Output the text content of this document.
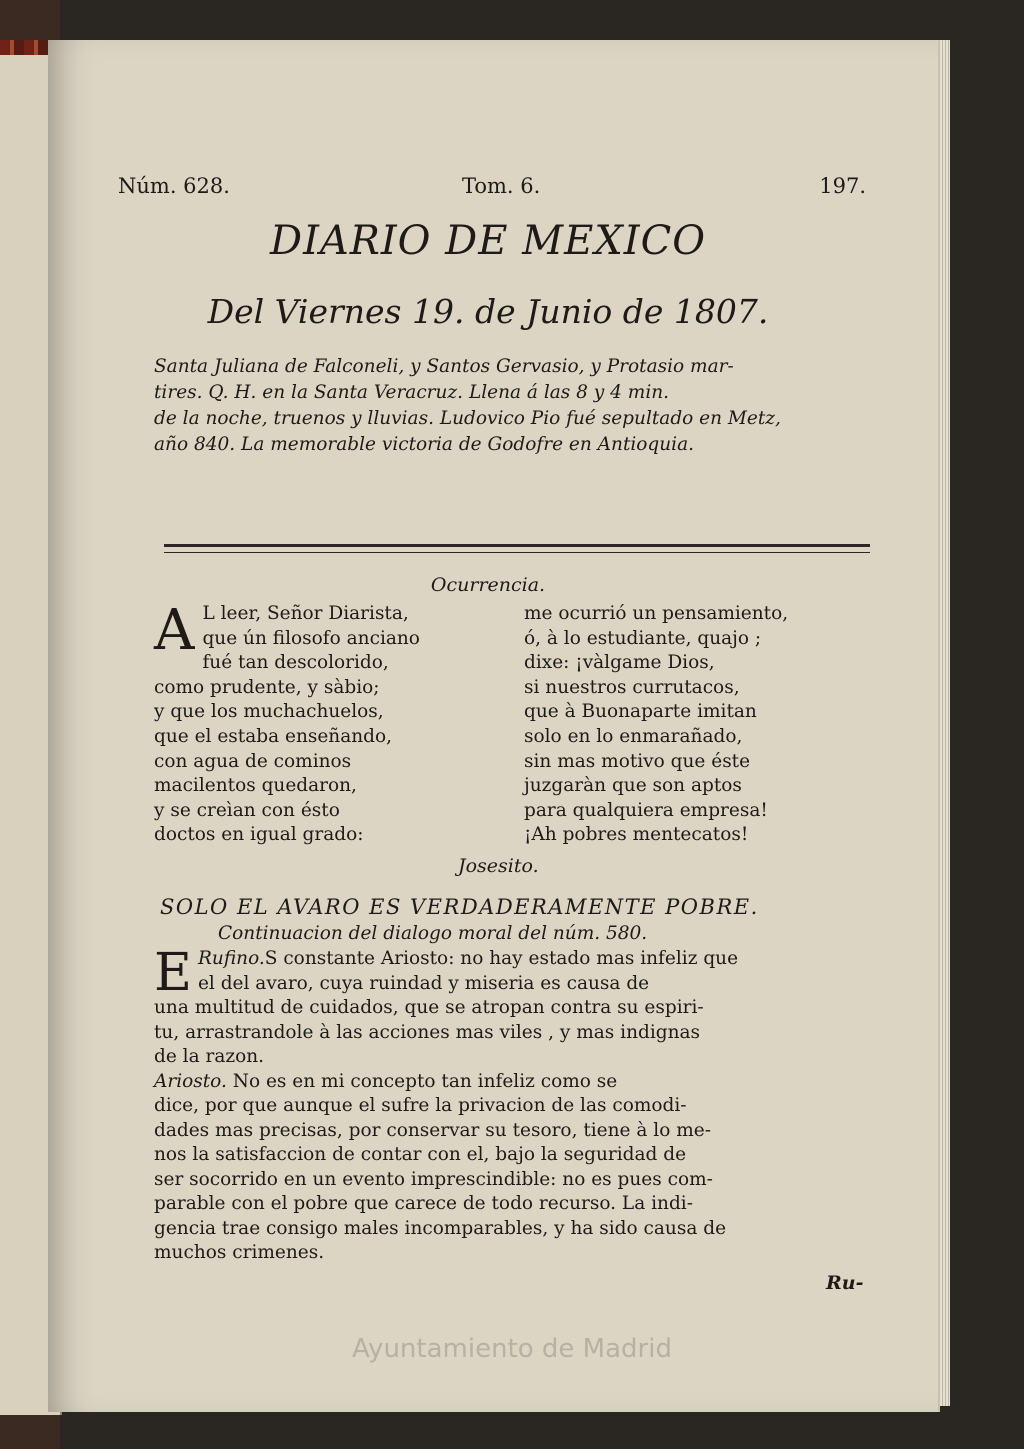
Núm. 628.	Tom. 6.	197.
DIARIO DE MEXICO
Del Viernes 19. de Junio de 1807.
Santa Juliana de Falconeli, y Santos Gervasio, y Protasio mar-
tires. Q. H. en la Santa Veracruz. Llena á las 8 y 4 min.
de la noche, truenos y lluvias. Ludovico Pio fué sepultado en Metz,
año 840. La memorable victoria de Godofre en Antioquia.
Ocurrencia.
A L leer, Señor Diarista,
que ún filosofo anciano
fué tan descolorido,
como prudente, y sàbio;
y que los muchachuelos,
que el estaba enseñando,
con agua de cominos
macilentos quedaron,
y se creìan con ésto
doctos en igual grado:
me ocurrió un pensamiento,
ó, à lo estudiante, quajo ;
dixe: ¡vàlgame Dios,
si nuestros currutacos,
que à Buonaparte imitan
solo en lo enmarañado,
sin mas motivo que éste
juzgaràn que son aptos
para qualquiera empresa!
¡Ah pobres mentecatos!
Josesito.
SOLO EL AVARO ES VERDADERAMENTE POBRE.
Continuacion del dialogo moral del núm. 580.
Rufino.
E	S constante Ariosto: no hay estado mas infeliz que
el del avaro, cuya ruindad y miseria es causa de
una multitud de cuidados, que se atropan contra su espiri-
tu, arrastrandole à las acciones mas viles , y mas indignas
de la razon.
Ariosto. No es en mi concepto tan infeliz como se
dice, por que aunque el sufre la privacion de las comodi-
dades mas precisas, por conservar su tesoro, tiene à lo me-
nos la satisfaccion de contar con el, bajo la seguridad de
ser socorrido en un evento imprescindible: no es pues com-
parable con el pobre que carece de todo recurso. La indi-
gencia trae consigo males incomparables, y ha sido causa de
muchos crimenes.
Ru-
Ayuntamiento de Madrid
